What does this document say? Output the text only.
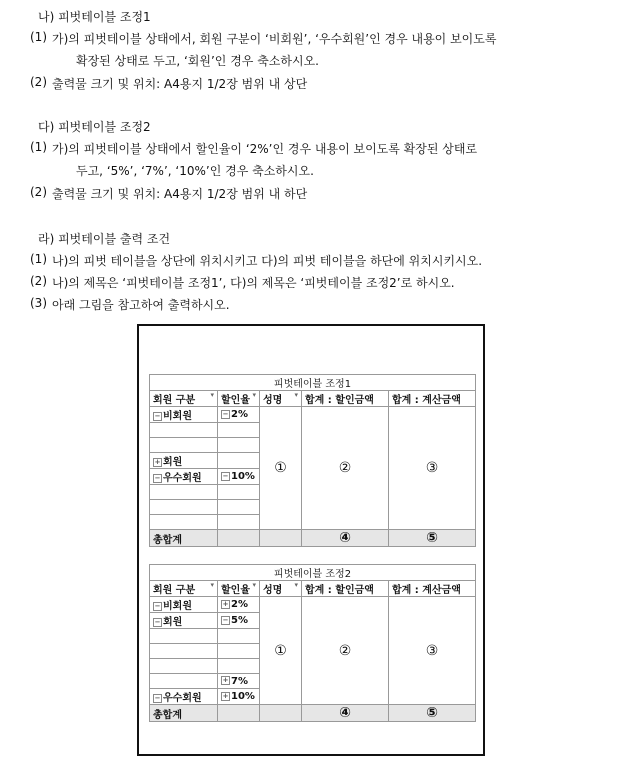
나) 피벗테이블 조정1
(1) 가)의 피벗테이블 상태에서, 회원 구분이 ‘비회원’, ‘우수회원’인 경우 내용이 보이도록
확장된 상태로 두고, ‘회원’인 경우 축소하시오.
(2) 출력물 크기 및 위치: A4용지 1/2장 범위 내 상단
다) 피벗테이블 조정2
(1) 가)의 피벗테이블 상태에서 할인율이 ‘2%’인 경우 내용이 보이도록 확장된 상태로
두고, ‘5%’, ‘7%’, ‘10%’인 경우 축소하시오.
(2) 출력물 크기 및 위치: A4용지 1/2장 범위 내 하단
라) 피벗테이블 출력 조건
(1) 나)의 피벗 테이블을 상단에 위치시키고 다)의 피벗 테이블을 하단에 위치시키시오.
(2) 나)의 제목은 ‘피벗테이블 조정1’, 다)의 제목은 ‘피벗테이블 조정2’로 하시오.
(3) 아래 그림을 참고하여 출력하시오.
피벗테이블 조정1				
회원 구분 ▾	할인율 ▾	성명 ▾	합계 : 할인금액	합계 : 계산금액
− 비회원	− 2%	①	②	③

+ 회원				
− 우수회원	− 10%			

총합계			④	⑤
피벗테이블 조정2				
회원 구분 ▾	할인율 ▾	성명 ▾	합계 : 할인금액	합계 : 계산금액
− 비회원	+ 2%	①	②	③
− 회원	− 5%			

	+ 7%			
− 우수회원	+ 10%			
총합계			④	⑤
